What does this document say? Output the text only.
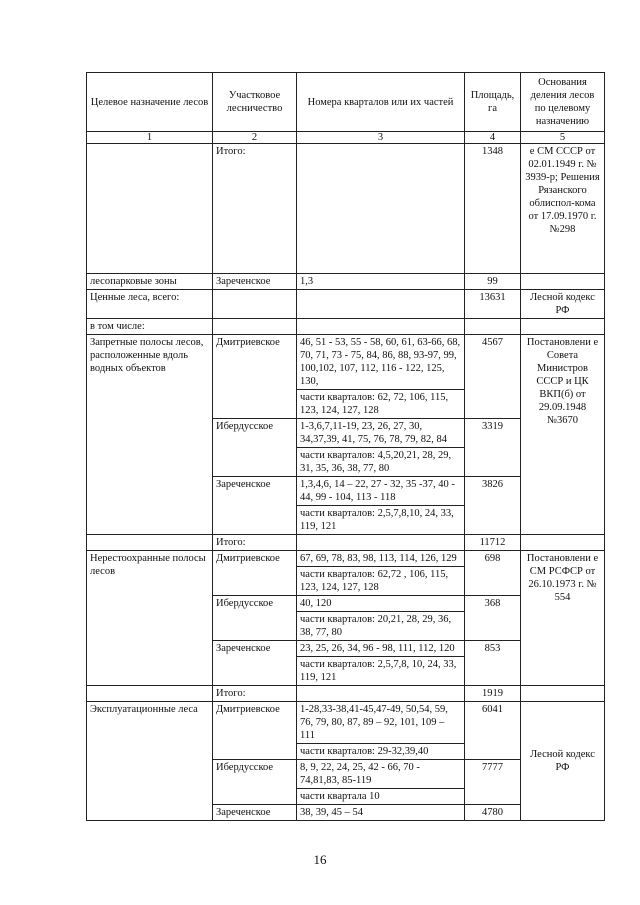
Целевое назначение лесов	Участковое лесничество	Номера кварталов или их частей	Площадь, га	Основания деления лесов по целевому назначению
1	2	3	4	5
	Итого:		1348	е СМ СССР от 02.01.1949 г. № 3939-р; Решения Рязанского облиспол-кома от 17.09.1970 г. №298
лесопарковые зоны	Зареченское	1,3	99	
Ценные леса, всего:			13631	Лесной кодекс РФ
в том числе:				
Запретные полосы лесов, расположенные вдоль водных объектов	Дмитриевское	46, 51 - 53, 55 - 58, 60, 61, 63-66, 68, 70, 71, 73 - 75, 84, 86, 88, 93-97, 99, 100,102, 107, 112, 116 - 122, 125, 130,	4567	Постановлени е Совета Министров СССР и ЦК ВКП(б) от 29.09.1948 №3670
		части кварталов: 62, 72, 106, 115, 123, 124, 127, 128		
	Ибердусское	1-3,6,7,11-19, 23, 26, 27, 30, 34,37,39, 41, 75, 76, 78, 79, 82, 84	3319	
		части кварталов: 4,5,20,21, 28, 29, 31, 35, 36, 38, 77, 80		
	Зареченское	1,3,4,6, 14 – 22, 27 - 32, 35 -37, 40 - 44, 99 - 104, 113 - 118	3826	
		части кварталов: 2,5,7,8,10, 24, 33, 119, 121		
	Итого:		11712	
Нерестоохранные полосы лесов	Дмитриевское	67, 69, 78, 83, 98, 113, 114, 126, 129	698	Постановлени е СМ РСФСР от 26.10.1973 г. № 554
		части кварталов: 62,72 , 106, 115, 123, 124, 127, 128		
	Ибердусское	40, 120	368	
		части кварталов: 20,21, 28, 29, 36, 38, 77, 80		
	Зареченское	23, 25, 26, 34, 96 - 98, 111, 112, 120	853	
		части кварталов: 2,5,7,8, 10, 24, 33, 119, 121		
	Итого:		1919	
Эксплуатационные леса	Дмитриевское	1-28,33-38,41-45,47-49, 50,54, 59, 76, 79, 80, 87, 89 – 92, 101, 109 – 111	6041	Лесной кодекс РФ
		части кварталов: 29-32,39,40		
	Ибердусское	8, 9, 22, 24, 25, 42 - 66, 70 - 74,81,83, 85-119	7777	
		части квартала 10		
	Зареченское	38, 39, 45 – 54	4780	
16
